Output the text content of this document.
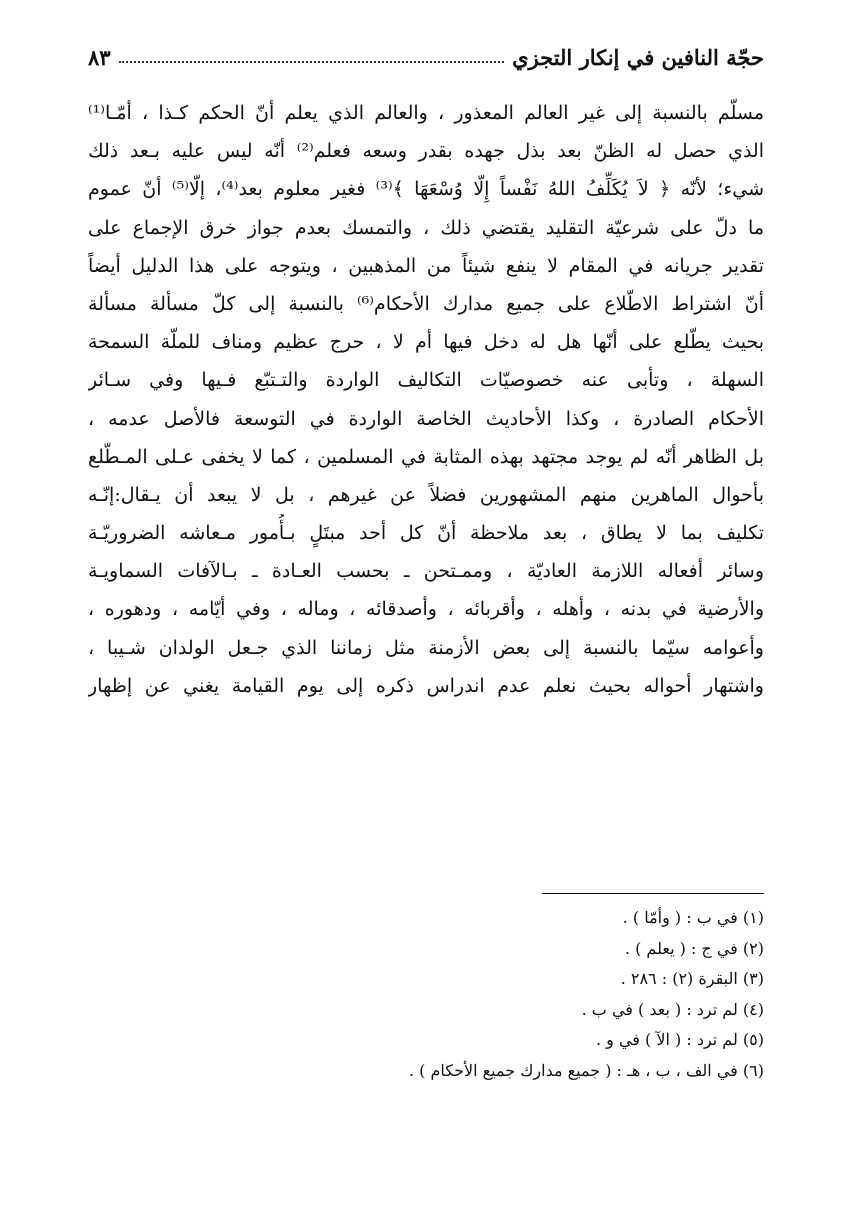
حجّة النافين في إنكار التجزي
٨٣
مسلّم بالنسبة إلى غير العالم المعذور ، والعالم الذي يعلم أنّ الحكم كـذا ، أمّـا⁽¹⁾
الذي حصل له الظنّ بعد بذل جهده بقدر وسعه فعلم⁽²⁾ أنّه ليس عليه بـعد ذلك
شيء؛ لأنّه ﴿ لاَ يُكَلِّفُ اللهُ نَفْساً إِلّا وُسْعَهَا ﴾⁽³⁾ فغير معلوم بعد⁽⁴⁾، إلّا⁽⁵⁾ أنّ عموم
ما دلّ على شرعيّة التقليد يقتضي ذلك ، والتمسك بعدم جواز خرق الإجماع على
تقدير جريانه في المقام لا ينفع شيئاً من المذهبين ، ويتوجه على هذا الدليل أيضاً
أنّ اشتراط الاطّلاع على جميع مدارك الأحكام⁽⁶⁾ بالنسبة إلى كلّ مسألة مسألة
بحيث يطّلع على أنّها هل له دخل فيها أم لا ، حرج عظيم ومناف للملّة السمحة
السهلة ، وتأبى عنه خصوصيّات التكاليف الواردة والتـتبّع فـيها وفي سـائر
الأحكام الصادرة ، وكذا الأحاديث الخاصة الواردة في التوسعة فالأصل عدمه ،
بل الظاهر أنّه لم يوجد مجتهد بهذه المثابة في المسلمين ، كما لا يخفى عـلى المـطّلع
بأحوال الماهرين منهم المشهورين فضلاً عن غيرهم ، بل لا يبعد أن يـقال:إنّـه
تكليف بما لا يطاق ، بعد ملاحظة أنّ كل أحد مبتَلٍ بـأُمور مـعاشه الضروريّـة
وسائر أفعاله اللازمة العاديّة ، وممـتحن ـ بحسب العـادة ـ بـالآفات السماويـة
والأرضية في بدنه ، وأهله ، وأقربائه ، وأصدقائه ، وماله ، وفي أيّامه ، ودهوره ،
وأعوامه سيّما بالنسبة إلى بعض الأزمنة مثل زماننا الذي جـعل الولدان شـيبا ،
واشتهار أحواله بحيث نعلم عدم اندراس ذكره إلى يوم القيامة يغني عن إظهار
(١) في ب : ( وأمّا ) .
(٢) في ج : ( يعلم ) .
(٣) البقرة (٢) : ٢٨٦ .
(٤) لم ترد : ( بعد ) في ب .
(٥) لم ترد : ( الآ ) في و .
(٦) في الف ، ب ، هـ : ( جميع مدارك جميع الأحكام ) .
